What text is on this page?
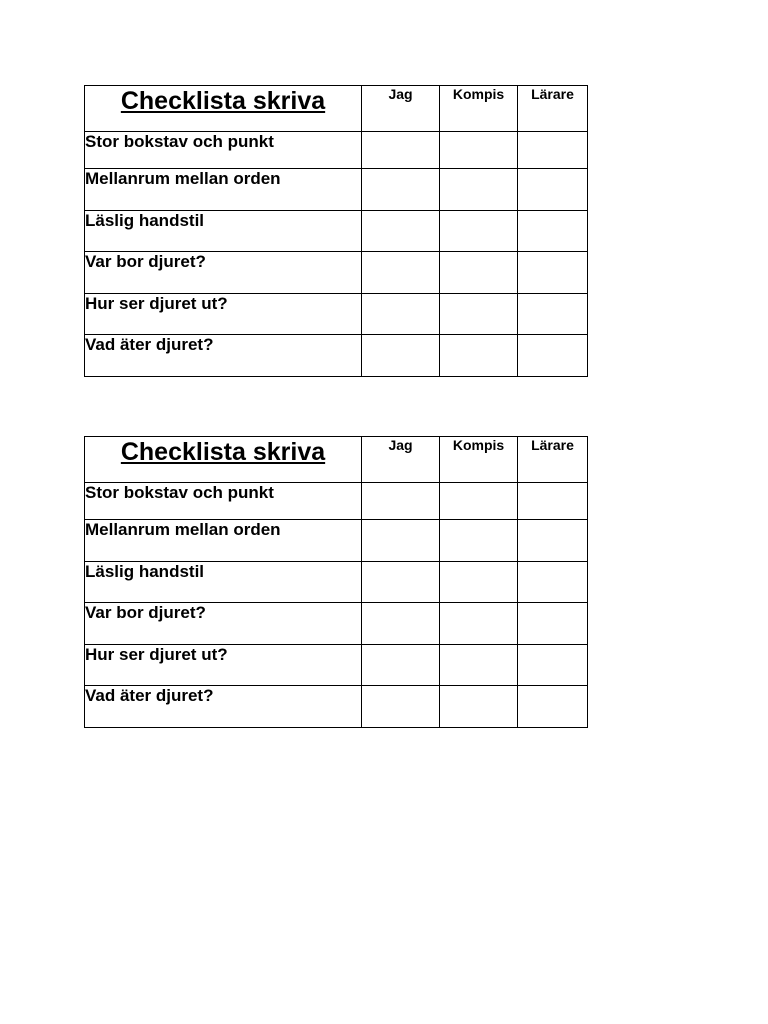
Checklista skriva	Jag	Kompis	Lärare
Stor bokstav och punkt			
Mellanrum mellan orden			
Läslig handstil			
Var bor djuret?			
Hur ser djuret ut?			
Vad äter djuret?			
Checklista skriva	Jag	Kompis	Lärare
Stor bokstav och punkt			
Mellanrum mellan orden			
Läslig handstil			
Var bor djuret?			
Hur ser djuret ut?			
Vad äter djuret?			
